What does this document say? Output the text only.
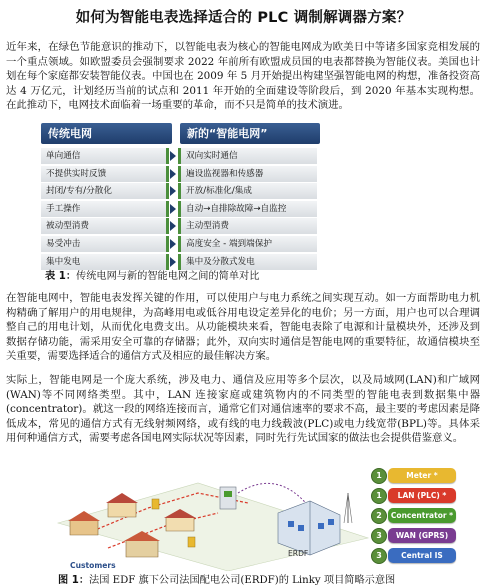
如何为智能电表选择适合的 PLC 调制解调器方案？

近年来，在绿色节能意识的推动下，以智能电表为核心的智能电网成为欧美日中等诸多国家竞相发展的一个重点领域。如欧盟委员会强制要求 2022 年前所有欧盟成员国的电表都替换为智能仪表。美国也计划在每个家庭都安装智能仪表。中国也在 2009 年 5 月开始提出构建坚强智能电网的构想，准备投资高达 4 万亿元，计划经历当前的试点和 2011 年开始的全面建设等阶段后，到 2020 年基本实现构想。在此推动下，电网技术面临着一场重要的革命，而不只是简单的技术演进。

传统电网	新的“智能电网”
单向通信	双向实时通信
不提供实时反馈	遍设监视器和传感器
封闭/专有/分散化	开放/标准化/集成
手工操作	自动→自排除故障→自监控
被动型消费	主动型消费
易受冲击	高度安全 - 端到端保护
集中发电	集中及分散式发电
表 1：传统电网与新的智能电网之间的简单对比

在智能电网中，智能电表发挥关键的作用，可以使用户与电力系统之间实现互动。如一方面帮助电力机构精确了解用户的用电规律，为高峰用电或低谷用电设定差异化的电价；另一方面，用户也可以合理调整自己的用电计划，从而优化电费支出。从功能模块来看，智能电表除了电源和计量模块外，还涉及到数据存储功能，需采用安全可靠的存储器；此外，双向实时通信是智能电网的重要特征，故通信模块至关重要，需要选择适合的通信方式及相应的最佳解决方案。

实际上，智能电网是一个庞大系统，涉及电力、通信及应用等多个层次，以及局域网(LAN)和广域网(WAN)等不同网络类型。其中，LAN 连接家庭或建筑物内的不同类型的智能电表到数据集中器(concentrator)。就这一段的网络连接而言，通常它们对通信速率的要求不高，最主要的考虑因素是降低成本，常见的通信方式有无线射频网络，或有线的电力线载波(PLC)或电力线宽带(BPL)等。具体采用何种通信方式，需要考虑各国电网实际状况等因素，同时先行先试国家的做法也会提供借鉴意义。

Customers
ERDF
1	Meter *
1	LAN (PLC) *
2	Concentrator *
3	WAN (GPRS)
3	Central IS
图 1：法国 EDF 旗下公司法国配电公司(ERDF)的 Linky 项目简略示意图
